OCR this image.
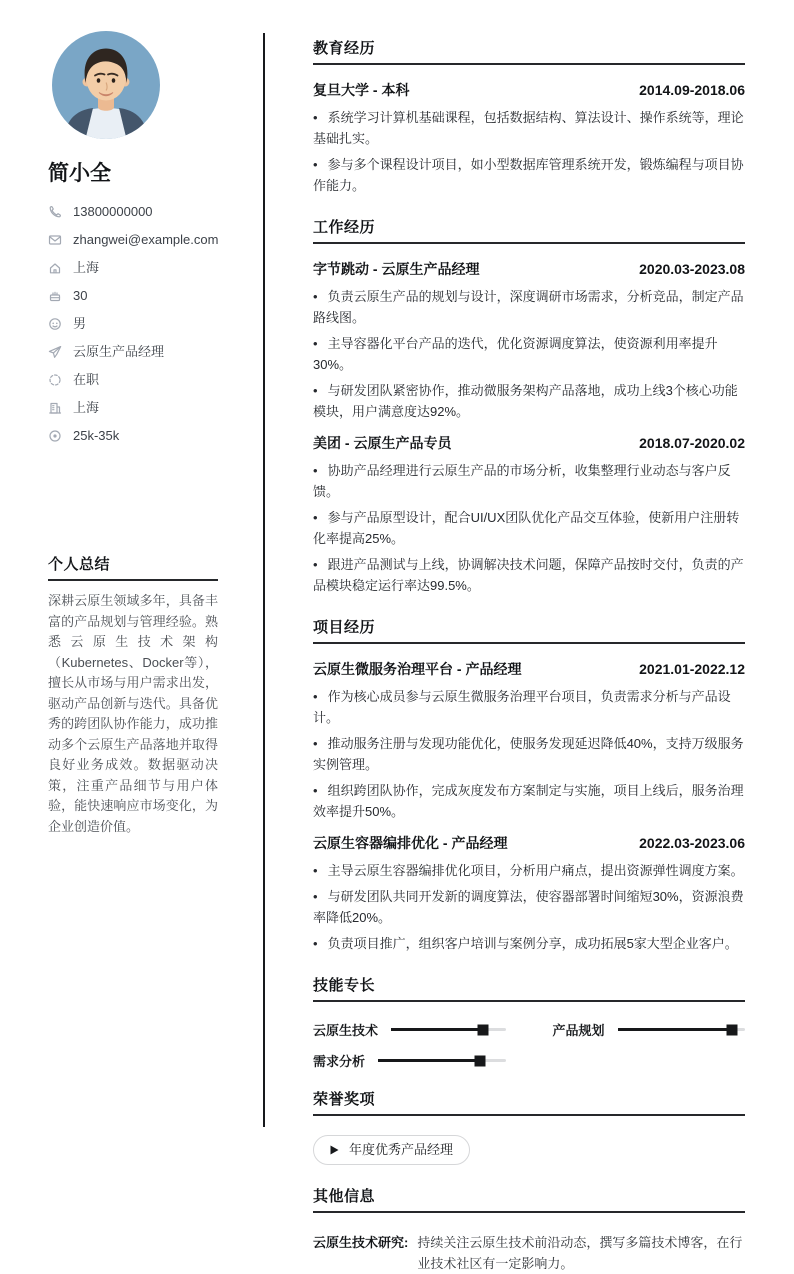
简小全
13800000000
zhangwei@example.com
上海
30
男
云原生产品经理
在职
上海
25k-35k
个人总结
深耕云原生领域多年，具备丰富的产品规划与管理经验。熟悉云原生技术架构（Kubernetes、Docker等），擅长从市场与用户需求出发，驱动产品创新与迭代。具备优秀的跨团队协作能力，成功推动多个云原生产品落地并取得良好业务成效。数据驱动决策，注重产品细节与用户体验，能快速响应市场变化，为企业创造价值。
教育经历
复旦大学 - 本科	2014.09-2018.06
• 系统学习计算机基础课程，包括数据结构、算法设计、操作系统等，理论基础扎实。
• 参与多个课程设计项目，如小型数据库管理系统开发，锻炼编程与项目协作能力。
工作经历
字节跳动 - 云原生产品经理	2020.03-2023.08
• 负责云原生产品的规划与设计，深度调研市场需求，分析竞品，制定产品路线图。
• 主导容器化平台产品的迭代，优化资源调度算法，使资源利用率提升30%。
• 与研发团队紧密协作，推动微服务架构产品落地，成功上线3个核心功能模块，用户满意度达92%。
美团 - 云原生产品专员	2018.07-2020.02
• 协助产品经理进行云原生产品的市场分析，收集整理行业动态与客户反馈。
• 参与产品原型设计，配合UI/UX团队优化产品交互体验，使新用户注册转化率提高25%。
• 跟进产品测试与上线，协调解决技术问题，保障产品按时交付，负责的产品模块稳定运行率达99.5%。
项目经历
云原生微服务治理平台 - 产品经理	2021.01-2022.12
• 作为核心成员参与云原生微服务治理平台项目，负责需求分析与产品设计。
• 推动服务注册与发现功能优化，使服务发现延迟降低40%，支持万级服务实例管理。
• 组织跨团队协作，完成灰度发布方案制定与实施，项目上线后，服务治理效率提升50%。
云原生容器编排优化 - 产品经理	2022.03-2023.06
• 主导云原生容器编排优化项目，分析用户痛点，提出资源弹性调度方案。
• 与研发团队共同开发新的调度算法，使容器部署时间缩短30%，资源浪费率降低20%。
• 负责项目推广，组织客户培训与案例分享，成功拓展5家大型企业客户。
技能专长
云原生技术	产品规划
需求分析
荣誉奖项
年度优秀产品经理
其他信息
云原生技术研究: 持续关注云原生技术前沿动态，撰写多篇技术博客，在行业技术社区有一定影响力。
